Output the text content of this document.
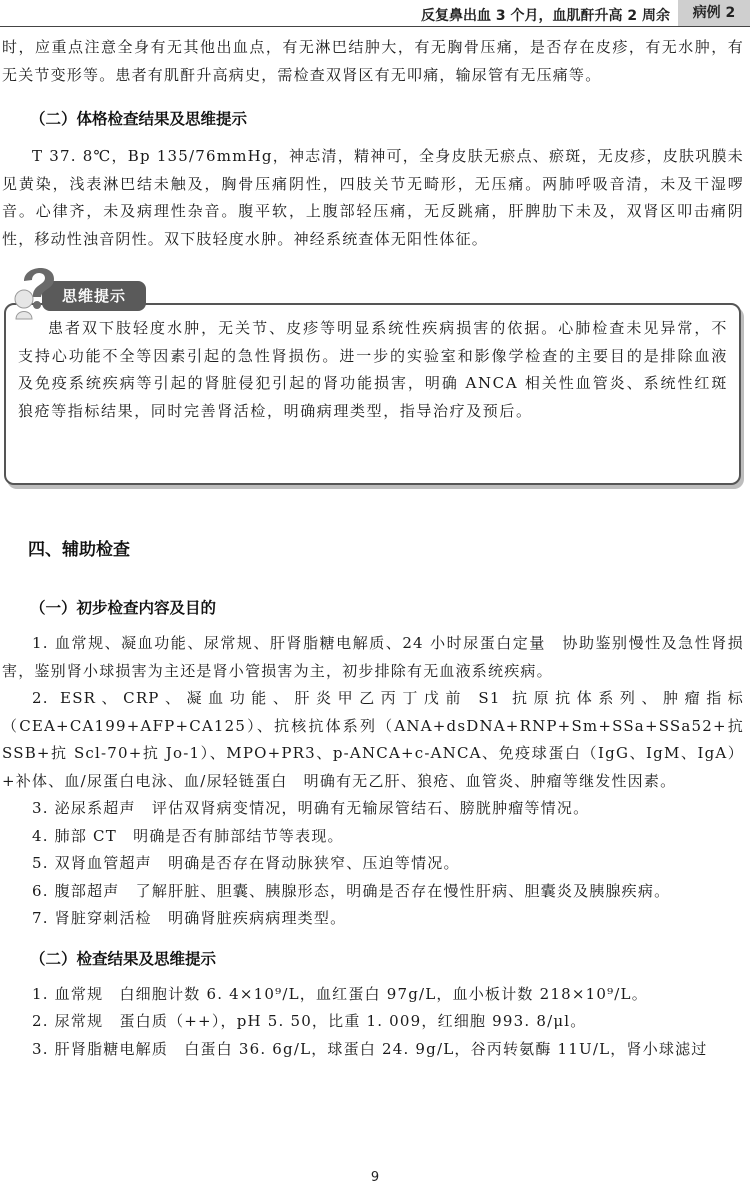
反复鼻出血 3 个月，血肌酐升高 2 周余	病例 2

时，应重点注意全身有无其他出血点，有无淋巴结肿大，有无胸骨压痛，是否存在皮疹，有无水肿，有无关节变形等。患者有肌酐升高病史，需检查双肾区有无叩痛，输尿管有无压痛等。

（二）体格检查结果及思维提示

T 37. 8℃，Bp 135/76mmHg，神志清，精神可，全身皮肤无瘀点、瘀斑，无皮疹，皮肤巩膜未见黄染，浅表淋巴结未触及，胸骨压痛阴性，四肢关节无畸形，无压痛。两肺呼吸音清，未及干湿啰音。心律齐，未及病理性杂音。腹平软，上腹部轻压痛，无反跳痛，肝脾肋下未及，双肾区叩击痛阴性，移动性浊音阴性。双下肢轻度水肿。神经系统查体无阳性体征。

患者双下肢轻度水肿，无关节、皮疹等明显系统性疾病损害的依据。心肺检查未见异常，不支持心功能不全等因素引起的急性肾损伤。进一步的实验室和影像学检查的主要目的是排除血液及免疫系统疾病等引起的肾脏侵犯引起的肾功能损害，明确 ANCA 相关性血管炎、系统性红斑狼疮等指标结果，同时完善肾活检，明确病理类型，指导治疗及预后。
思维提示
四、辅助检查
（一）初步检查内容及目的

1. 血常规、凝血功能、尿常规、肝肾脂糖电解质、24 小时尿蛋白定量　协助鉴别慢性及急性肾损害，鉴别肾小球损害为主还是肾小管损害为主，初步排除有无血液系统疾病。

2. ESR、CRP、凝血功能、肝炎甲乙丙丁戊前 S1 抗原抗体系列、肿瘤指标（CEA+CA199+AFP+CA125）、抗核抗体系列（ANA+dsDNA+RNP+Sm+SSa+SSa52+抗 SSB+抗 Scl-70+抗 Jo-1）、MPO+PR3、p-ANCA+c-ANCA、免疫球蛋白（IgG、IgM、IgA）+补体、血/尿蛋白电泳、血/尿轻链蛋白　明确有无乙肝、狼疮、血管炎、肿瘤等继发性因素。

3. 泌尿系超声　评估双肾病变情况，明确有无输尿管结石、膀胱肿瘤等情况。

4. 肺部 CT　明确是否有肺部结节等表现。

5. 双肾血管超声　明确是否存在肾动脉狭窄、压迫等情况。

6. 腹部超声　了解肝脏、胆囊、胰腺形态，明确是否存在慢性肝病、胆囊炎及胰腺疾病。

7. 肾脏穿刺活检　明确肾脏疾病病理类型。

（二）检查结果及思维提示

1. 血常规　白细胞计数 6. 4×10⁹/L，血红蛋白 97g/L，血小板计数 218×10⁹/L。

2. 尿常规　蛋白质（++），pH 5. 50，比重 1. 009，红细胞 993. 8/μl。

3. 肝肾脂糖电解质　白蛋白 36. 6g/L，球蛋白 24. 9g/L，谷丙转氨酶 11U/L，肾小球滤过

9
